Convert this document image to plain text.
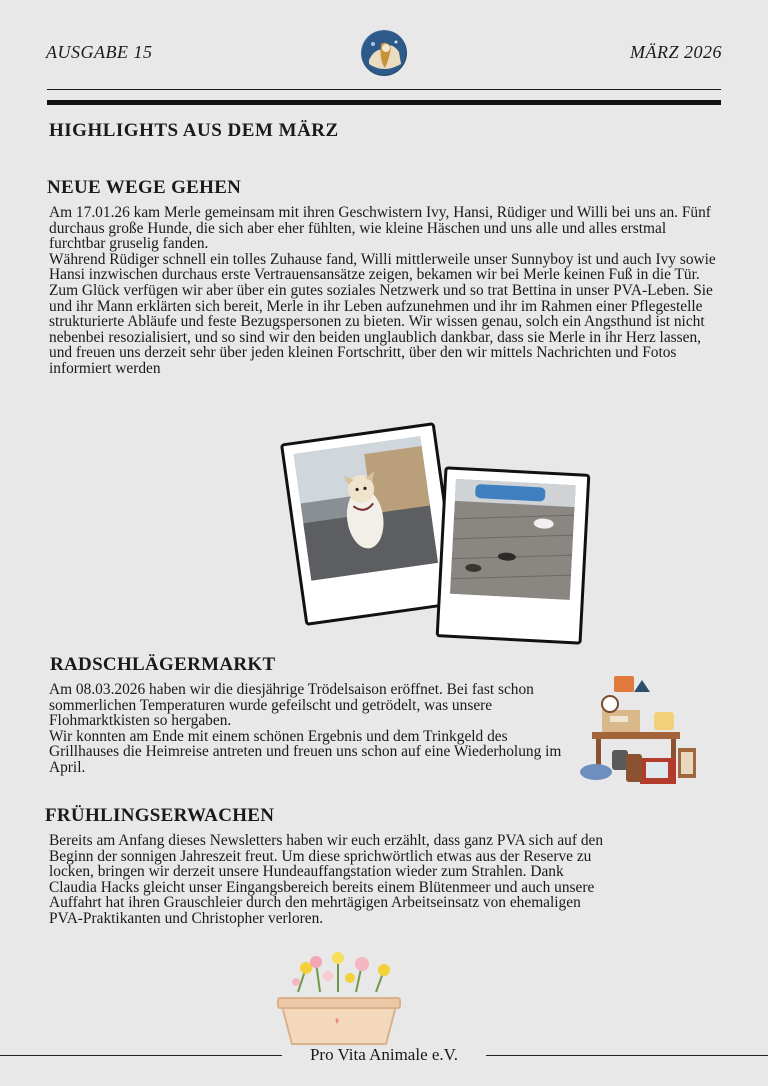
AUSGABE 15	MÄRZ 2026
HIGHLIGHTS AUS DEM MÄRZ
NEUE WEGE GEHEN

Am 17.01.26 kam Merle gemeinsam mit ihren Geschwistern Ivy, Hansi, Rüdiger und Willi bei uns an. Fünf durchaus große Hunde, die sich aber eher fühlten, wie kleine Häschen und uns alle und alles erstmal furchtbar gruselig fanden.

Während Rüdiger schnell ein tolles Zuhause fand, Willi mittlerweile unser Sunnyboy ist und auch Ivy sowie Hansi inzwischen durchaus erste Vertrauensansätze zeigen, bekamen wir bei Merle keinen Fuß in die Tür.

Zum Glück verfügen wir aber über ein gutes soziales Netzwerk und so trat Bettina in unser PVA-Leben. Sie und ihr Mann erklärten sich bereit, Merle in ihr Leben aufzunehmen und ihr im Rahmen einer Pflegestelle strukturierte Abläufe und feste Bezugspersonen zu bieten. Wir wissen genau, solch ein Angsthund ist nicht nebenbei resozialisiert, und so sind wir den beiden unglaublich dankbar, dass sie Merle in ihr Herz lassen, und freuen uns derzeit sehr über jeden kleinen Fortschritt, über den wir mittels Nachrichten und Fotos informiert werden

RADSCHLÄGERMARKT

Am 08.03.2026 haben wir die diesjährige Trödelsaison eröffnet. Bei fast schon sommerlichen Temperaturen wurde gefeilscht und getrödelt, was unsere Flohmarktkisten so hergaben.

Wir konnten am Ende mit einem schönen Ergebnis und dem Trinkgeld des Grillhauses die Heimreise antreten und freuen uns schon auf eine Wiederholung im April.

FRÜHLINGSERWACHEN

Bereits am Anfang dieses Newsletters haben wir euch erzählt, dass ganz PVA sich auf den Beginn der sonnigen Jahreszeit freut. Um diese sprichwörtlich etwas aus der Reserve zu locken, bringen wir derzeit unsere Hundeauffangstation wieder zum Strahlen. Dank Claudia Hacks gleicht unser Eingangsbereich bereits einem Blütenmeer und auch unsere Auffahrt hat ihren Grauschleier durch den mehrtägigen Arbeitseinsatz von ehemaligen PVA-Praktikanten und Christopher verloren.

Pro Vita Animale e.V.
